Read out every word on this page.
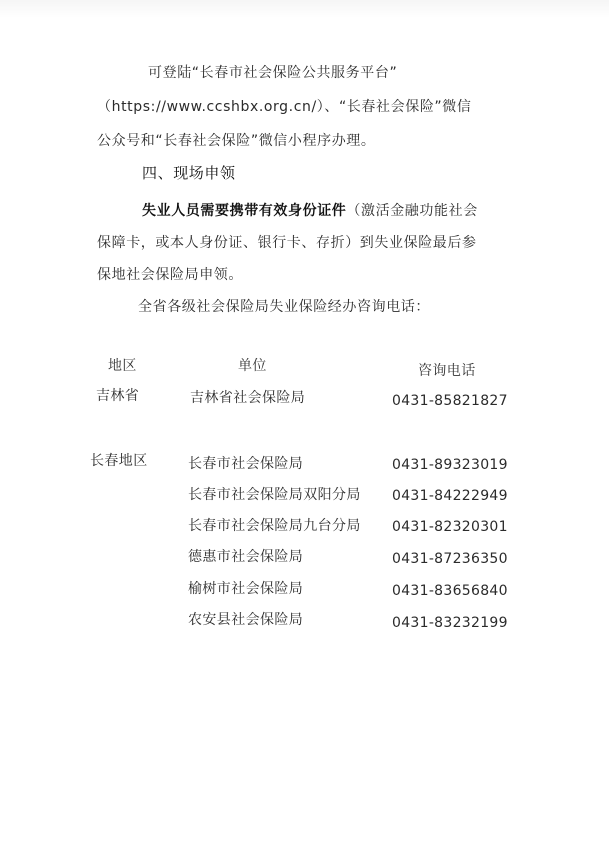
可登陆“长春市社会保险公共服务平台”
（https://www.ccshbx.org.cn/）、“长春社会保险”微信
公众号和“长春社会保险”微信小程序办理。
四、现场申领
失业人员需要携带有效身份证件（激活金融功能社会
保障卡，或本人身份证、银行卡、存折）到失业保险最后参
保地社会保险局申领。
全省各级社会保险局失业保险经办咨询电话：
地区	单位	咨询电话
吉林省	吉林省社会保险局	0431-85821827
长春地区	长春市社会保险局	0431-89323019
长春市社会保险局双阳分局 0431-84222949
长春市社会保险局九台分局 0431-82320301
德惠市社会保险局	0431-87236350
榆树市社会保险局	0431-83656840
农安县社会保险局	0431-83232199
